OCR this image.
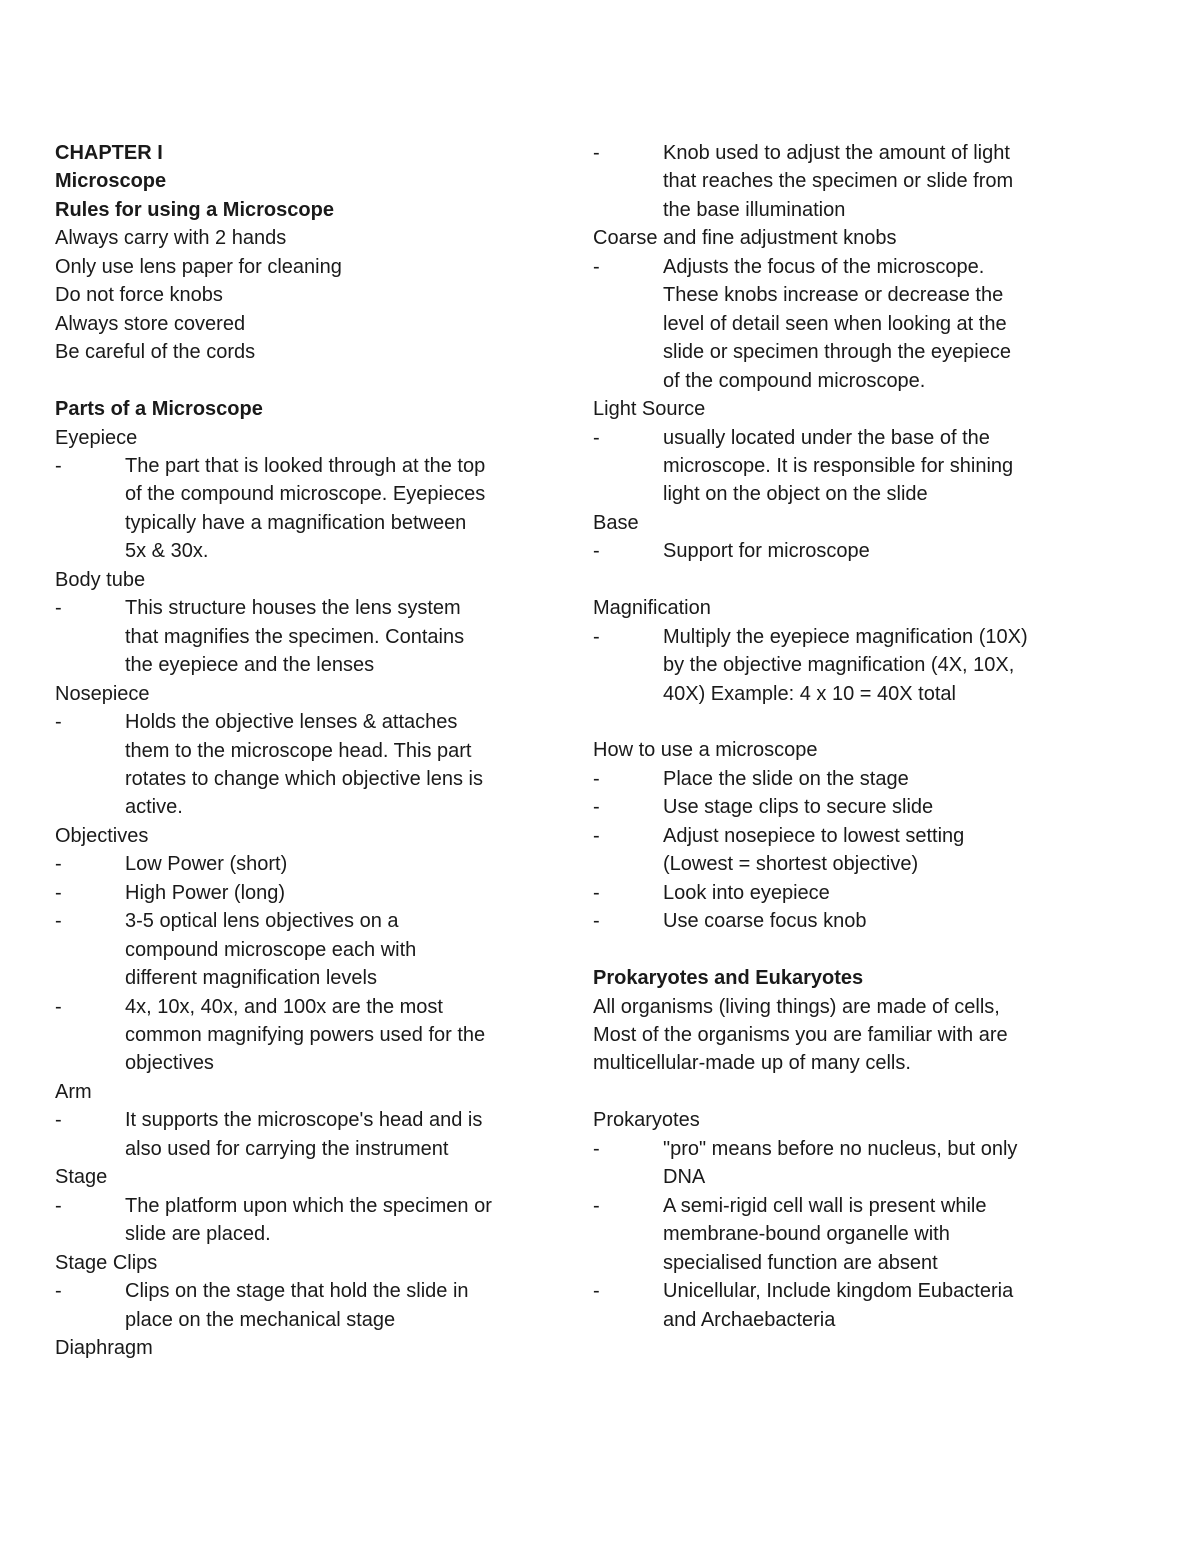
CHAPTER I
Microscope
Rules for using a Microscope
Always carry with 2 hands
Only use lens paper for cleaning
Do not force knobs
Always store covered
Be careful of the cords
Parts of a Microscope
Eyepiece
-	The part that is looked through at the top
of the compound microscope. Eyepieces
typically have a magnification between
5x & 30x.
Body tube
-	This structure houses the lens system
that magnifies the specimen. Contains
the eyepiece and the lenses
Nosepiece
-	Holds the objective lenses & attaches
them to the microscope head. This part
rotates to change which objective lens is
active.
Objectives
-	Low Power (short)
-	High Power (long)
-	3-5 optical lens objectives on a
compound microscope each with
different magnification levels
-	4x, 10x, 40x, and 100x are the most
common magnifying powers used for the
objectives
Arm
-	It supports the microscope's head and is
also used for carrying the instrument
Stage
-	The platform upon which the specimen or
slide are placed.
Stage Clips
-	Clips on the stage that hold the slide in
place on the mechanical stage
Diaphragm
-	Knob used to adjust the amount of light
that reaches the specimen or slide from
the base illumination
Coarse and fine adjustment knobs
-	Adjusts the focus of the microscope.
These knobs increase or decrease the
level of detail seen when looking at the
slide or specimen through the eyepiece
of the compound microscope.
Light Source
-	usually located under the base of the
microscope. It is responsible for shining
light on the object on the slide
Base
-	Support for microscope
Magnification
-	Multiply the eyepiece magnification (10X)
by the objective magnification (4X, 10X,
40X) Example: 4 x 10 = 40X total
How to use a microscope
-	Place the slide on the stage
-	Use stage clips to secure slide
-	Adjust nosepiece to lowest setting
(Lowest = shortest objective)
-	Look into eyepiece
-	Use coarse focus knob
Prokaryotes and Eukaryotes
All organisms (living things) are made of cells,
Most of the organisms you are familiar with are
multicellular-made up of many cells.
Prokaryotes
-	"pro" means before no nucleus, but only
DNA
-	A semi-rigid cell wall is present while
membrane-bound organelle with
specialised function are absent
-	Unicellular, Include kingdom Eubacteria
and Archaebacteria
